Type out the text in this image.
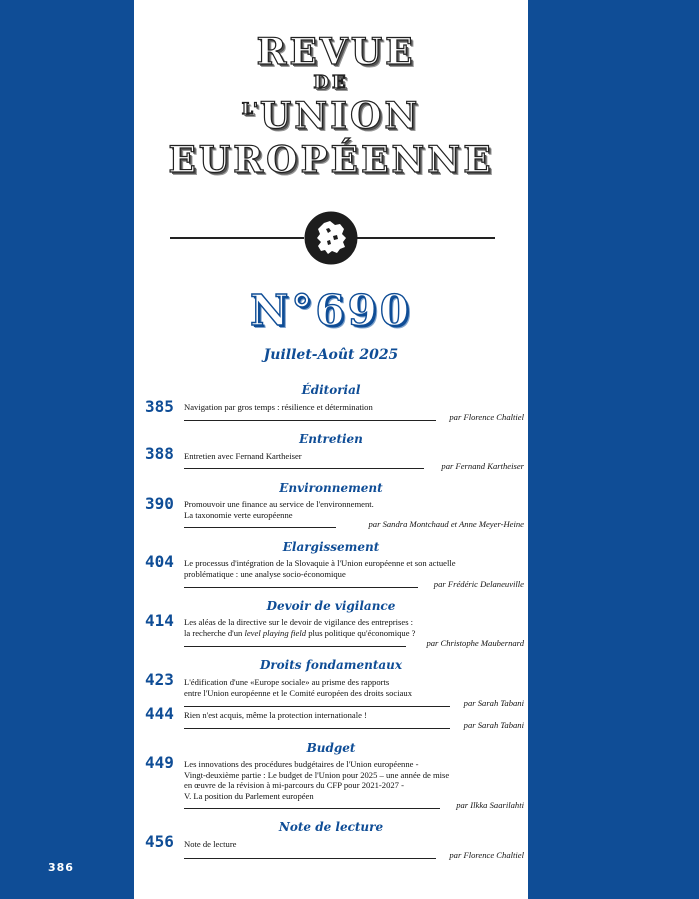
386
REVUE
DE
$^{L'}$UNION
EUROPÉENNE
N°690
Juillet-Août 2025
Éditorial
385 Navigation par gros temps : résilience et détermination
par Florence Chaltiel
Entretien
388 Entretien avec Fernand Kartheiser
par Fernand Kartheiser
Environnement
390 Promouvoir une finance au service de l'environnement.
La taxonomie verte européenne
par Sandra Montchaud et Anne Meyer-Heine
Elargissement
404 Le processus d'intégration de la Slovaquie à l'Union européenne et son actuelle
problématique : une analyse socio-économique
par Frédéric Delaneuville
Devoir de vigilance
414 Les aléas de la directive sur le devoir de vigilance des entreprises :
la recherche d'un level playing field plus politique qu'économique ?
par Christophe Maubernard
Droits fondamentaux
423 L'édification d'une «Europe sociale» au prisme des rapports
entre l'Union européenne et le Comité européen des droits sociaux
par Sarah Tabani
444 Rien n'est acquis, même la protection internationale !
par Sarah Tabani
Budget
449 Les innovations des procédures budgétaires de l'Union européenne -
Vingt-deuxième partie : Le budget de l'Union pour 2025 – une année de mise
en œuvre de la révision à mi-parcours du CFP pour 2021-2027 -
V. La position du Parlement européen
par Ilkka Saarilahti
Note de lecture
456 Note de lecture
par Florence Chaltiel
